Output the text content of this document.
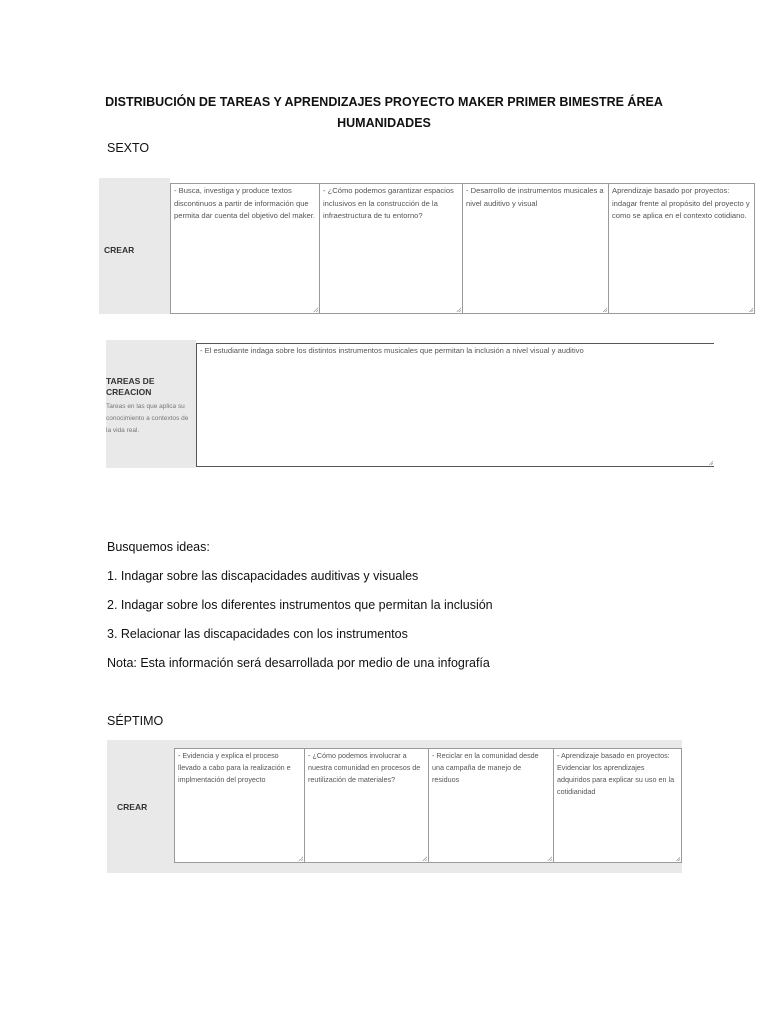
DISTRIBUCIÓN DE TAREAS Y APRENDIZAJES PROYECTO MAKER PRIMER BIMESTRE ÁREA HUMANIDADES
SEXTO
CREAR
- Busca, investiga y produce textos discontinuos a partir de información que permita dar cuenta del objetivo del maker.
- ¿Cómo podemos garantizar espacios inclusivos en la construcción de la infraestructura de tu entorno?
- Desarrollo de instrumentos musicales a nivel auditivo y visual
Aprendizaje basado por proyectos: indagar frente al propósito del proyecto y como se aplica en el contexto cotidiano.
TAREAS DE CREACION
Tareas en las que aplica su conocimiento a contextos de la vida real.
- El estudiante indaga sobre los distintos instrumentos musicales que permitan la inclusión a nivel visual y auditivo
Busquemos ideas:
1. Indagar sobre las discapacidades auditivas y visuales
2. Indagar sobre los diferentes instrumentos que permitan la inclusión
3. Relacionar las discapacidades con los instrumentos
Nota: Esta información será desarrollada por medio de una infografía
SÉPTIMO
CREAR
- Evidencia y explica el proceso llevado a cabo para la realización e implmentación del proyecto
- ¿Cómo podemos involucrar a nuestra comunidad en procesos de reutilización de materiales?
- Reciclar en la comunidad desde una campaña de manejo de residuos
- Aprendizaje basado en proyectos: Evidenciar los aprendizajes adquiridos para explicar su uso en la cotidianidad
